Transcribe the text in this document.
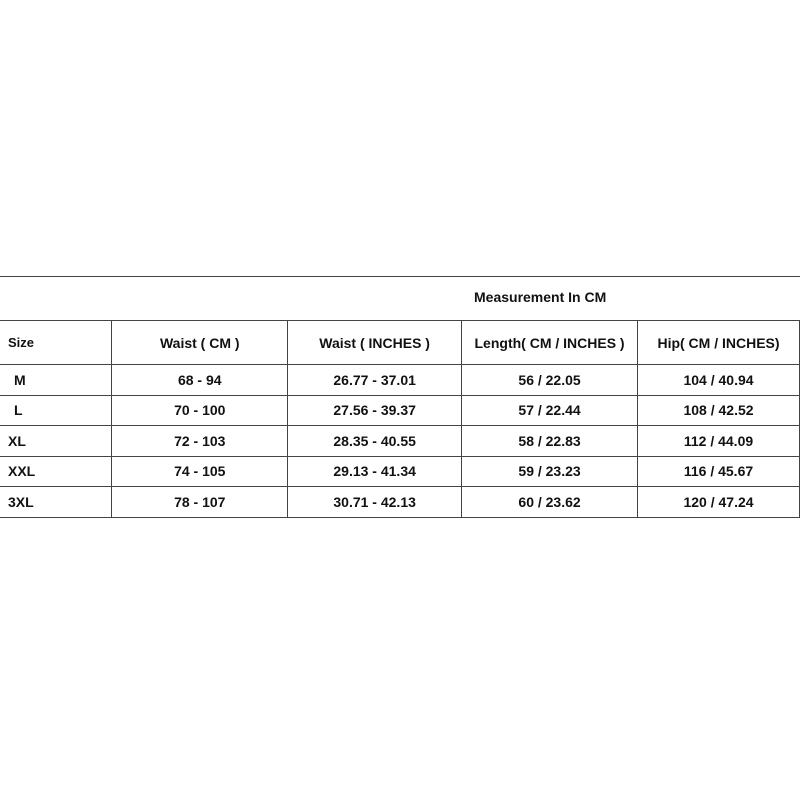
Measurement In CM
Size	Waist ( CM )	Waist ( INCHES )	Length( CM / INCHES )	Hip( CM / INCHES)
M	68 - 94	26.77 - 37.01	56 / 22.05	104 / 40.94
L	70 - 100	27.56 - 39.37	57 / 22.44	108 / 42.52
XL	72 - 103	28.35 - 40.55	58 / 22.83	112 / 44.09
XXL	74 - 105	29.13 - 41.34	59 / 23.23	116 / 45.67
3XL	78 - 107	30.71 - 42.13	60 / 23.62	120 / 47.24
